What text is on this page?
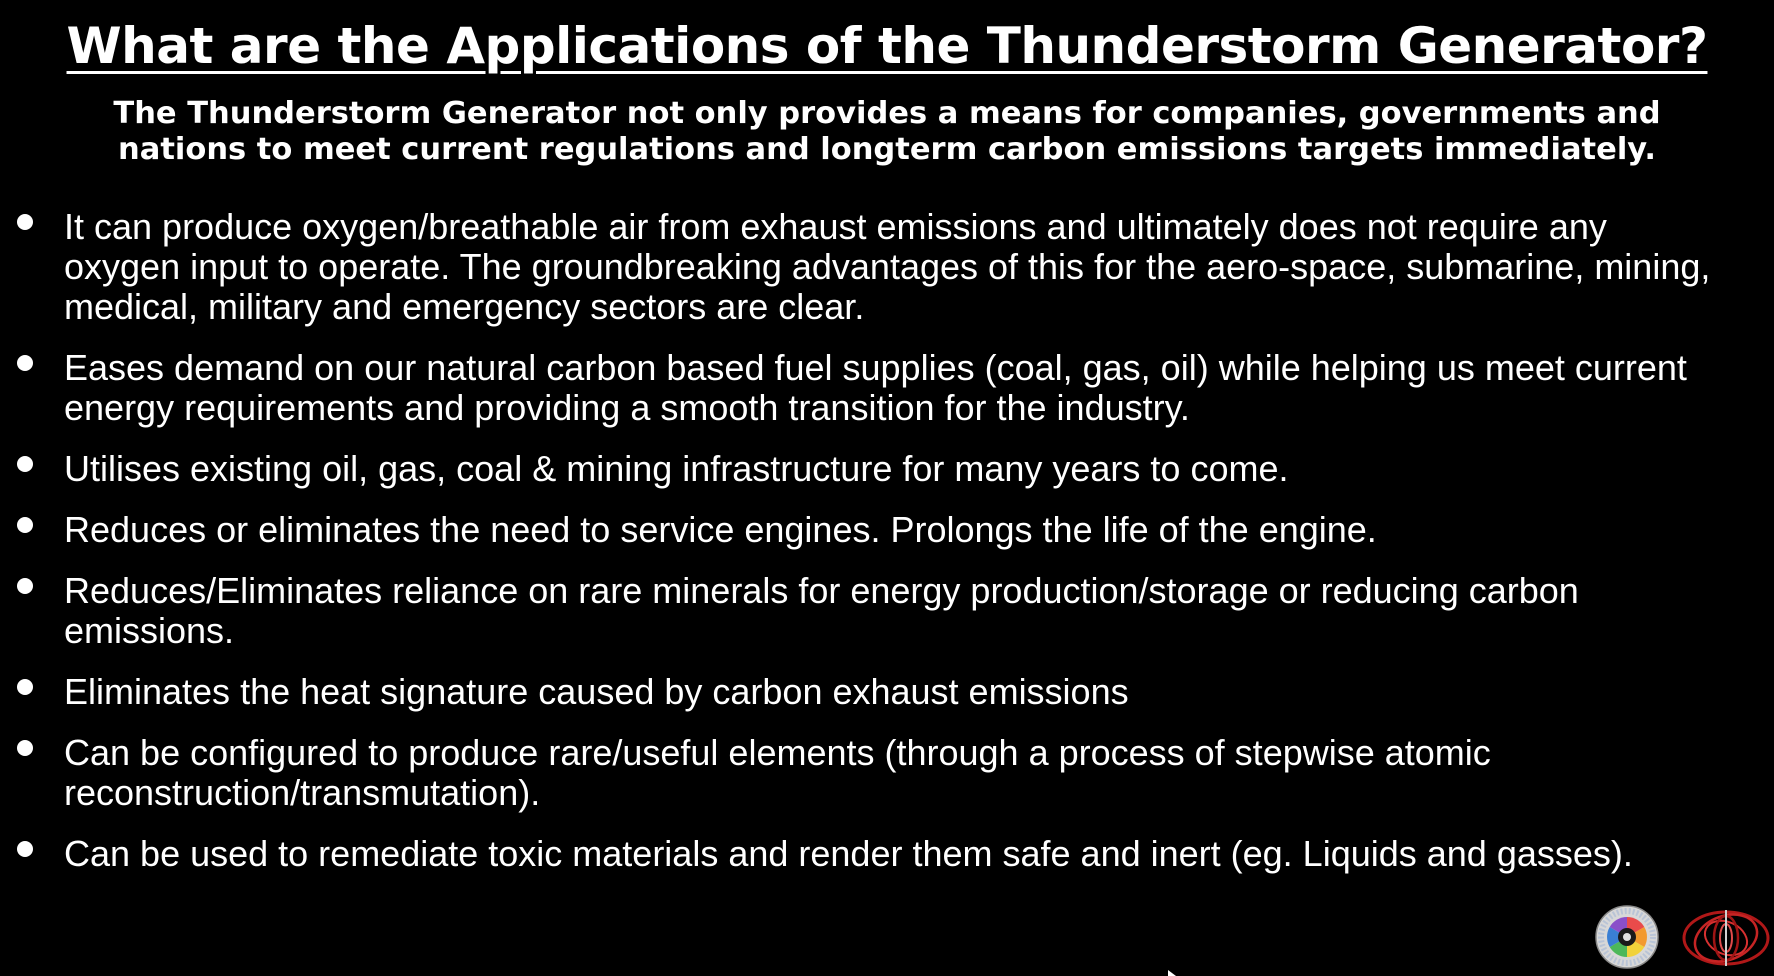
What are the Applications of the Thunderstorm Generator?

The Thunderstorm Generator not only provides a means for companies, governments and nations to meet current regulations and longterm carbon emissions targets immediately.

It can produce oxygen/breathable air from exhaust emissions and ultimately does not require any oxygen input to operate. The groundbreaking advantages of this for the aero-space, submarine, mining, medical, military and emergency sectors are clear.
Eases demand on our natural carbon based fuel supplies (coal, gas, oil) while helping us meet current energy requirements and providing a smooth transition for the industry.
Utilises existing oil, gas, coal & mining infrastructure for many years to come.
Reduces or eliminates the need to service engines. Prolongs the life of the engine.
Reduces/Eliminates reliance on rare minerals for energy production/storage or reducing carbon emissions.
Eliminates the heat signature caused by carbon exhaust emissions
Can be configured to produce rare/useful elements (through a process of stepwise atomic reconstruction/transmutation).
Can be used to remediate toxic materials and render them safe and inert (eg. Liquids and gasses).
